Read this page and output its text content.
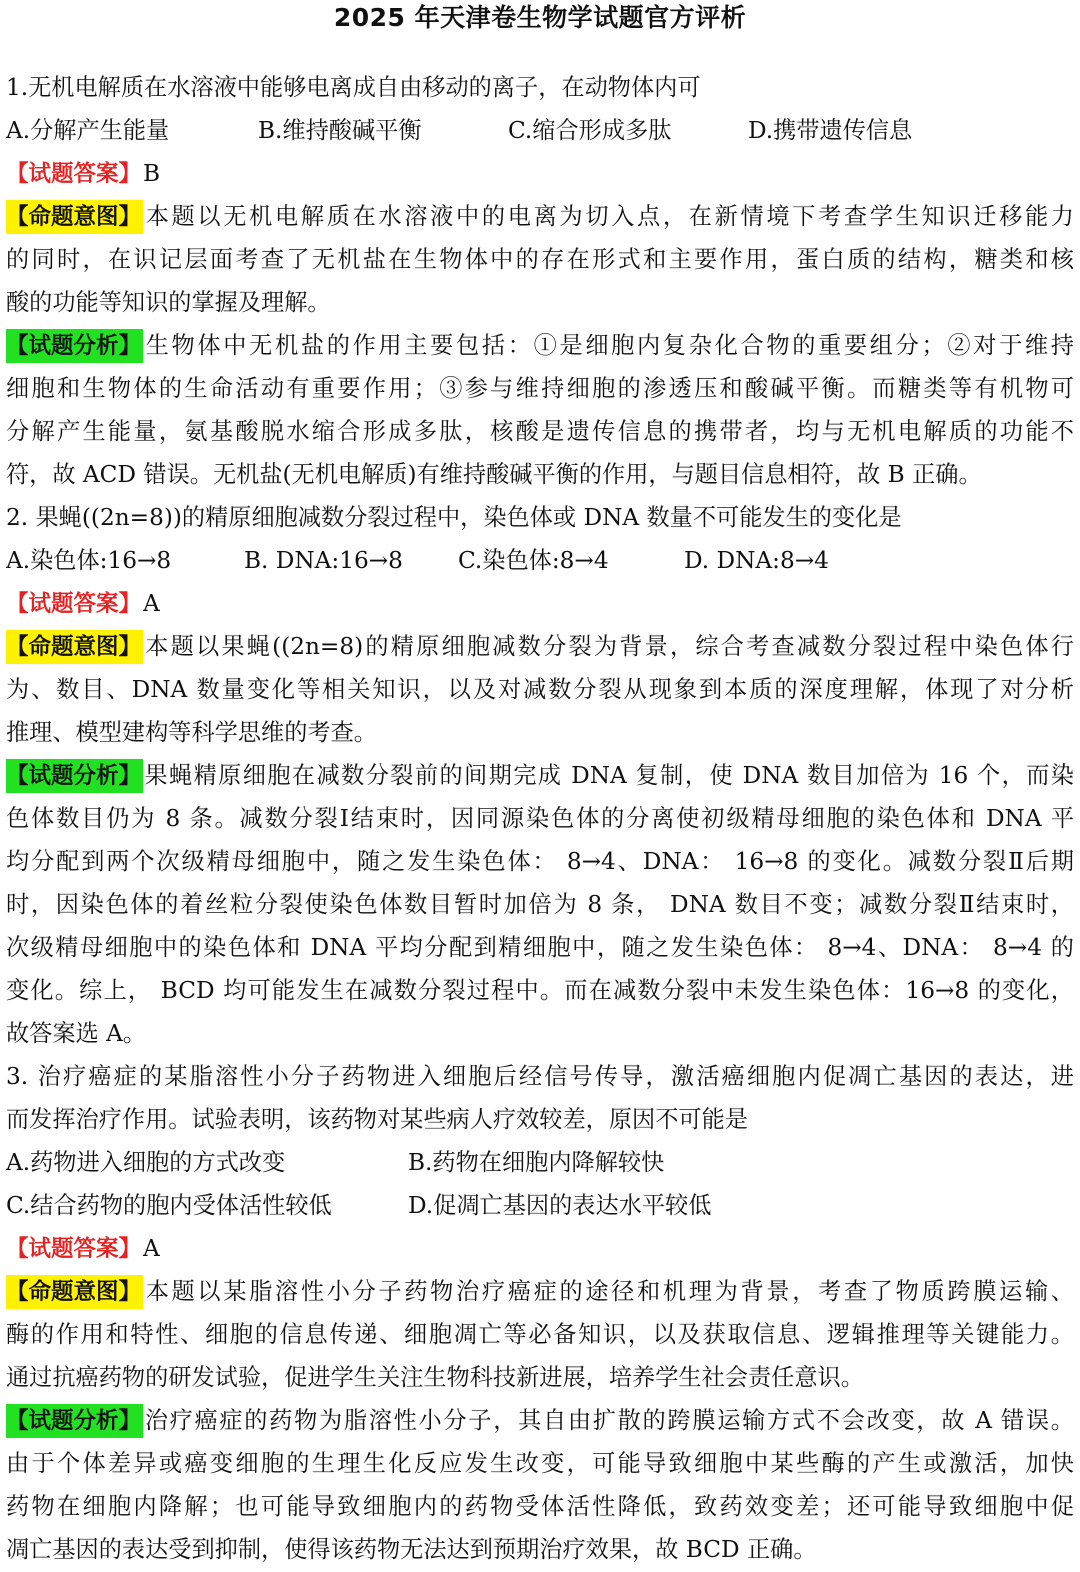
2025 年天津卷生物学试题官方评析
1.无机电解质在水溶液中能够电离成自由移动的离子，在动物体内可
A.分解产生能量	B.维持酸碱平衡	C.缩合形成多肽	D.携带遗传信息
【试题答案】B
【命题意图】本题以无机电解质在水溶液中的电离为切入点，在新情境下考查学生知识迁移能力
的同时，在识记层面考查了无机盐在生物体中的存在形式和主要作用，蛋白质的结构，糖类和核
酸的功能等知识的掌握及理解。
【试题分析】生物体中无机盐的作用主要包括：①是细胞内复杂化合物的重要组分；②对于维持
细胞和生物体的生命活动有重要作用；③参与维持细胞的渗透压和酸碱平衡。而糖类等有机物可
分解产生能量，氨基酸脱水缩合形成多肽，核酸是遗传信息的携带者，均与无机电解质的功能不
符，故 ACD 错误。无机盐(无机电解质)有维持酸碱平衡的作用，与题目信息相符，故 B 正确。
2. 果蝇((2n=8))的精原细胞减数分裂过程中，染色体或 DNA 数量不可能发生的变化是
A.染色体:16→8	B. DNA:16→8 C.染色体:8→4	D. DNA:8→4
【试题答案】A
【命题意图】本题以果蝇((2n=8)的精原细胞减数分裂为背景，综合考查减数分裂过程中染色体行
为、数目、DNA 数量变化等相关知识，以及对减数分裂从现象到本质的深度理解，体现了对分析
推理、模型建构等科学思维的考查。
【试题分析】果蝇精原细胞在减数分裂前的间期完成 DNA 复制，使 DNA 数目加倍为 16 个，而染
色体数目仍为 8 条。减数分裂Ⅰ结束时，因同源染色体的分离使初级精母细胞的染色体和 DNA 平
均分配到两个次级精母细胞中，随之发生染色体： 8→4、DNA： 16→8 的变化。减数分裂Ⅱ后期
时，因染色体的着丝粒分裂使染色体数目暂时加倍为 8 条， DNA 数目不变；减数分裂Ⅱ结束时，
次级精母细胞中的染色体和 DNA 平均分配到精细胞中，随之发生染色体： 8→4、DNA： 8→4 的
变化。综上， BCD 均可能发生在减数分裂过程中。而在减数分裂中未发生染色体：16→8 的变化，
故答案选 A。
3. 治疗癌症的某脂溶性小分子药物进入细胞后经信号传导，激活癌细胞内促凋亡基因的表达，进
而发挥治疗作用。试验表明，该药物对某些病人疗效较差，原因不可能是
A.药物进入细胞的方式改变	B.药物在细胞内降解较快
C.结合药物的胞内受体活性较低	D.促凋亡基因的表达水平较低
【试题答案】A
【命题意图】本题以某脂溶性小分子药物治疗癌症的途径和机理为背景，考查了物质跨膜运输、
酶的作用和特性、细胞的信息传递、细胞凋亡等必备知识，以及获取信息、逻辑推理等关键能力。
通过抗癌药物的研发试验，促进学生关注生物科技新进展，培养学生社会责任意识。
【试题分析】治疗癌症的药物为脂溶性小分子，其自由扩散的跨膜运输方式不会改变，故 A 错误。
由于个体差异或癌变细胞的生理生化反应发生改变，可能导致细胞中某些酶的产生或激活，加快
药物在细胞内降解；也可能导致细胞内的药物受体活性降低，致药效变差；还可能导致细胞中促
凋亡基因的表达受到抑制，使得该药物无法达到预期治疗效果，故 BCD 正确。
